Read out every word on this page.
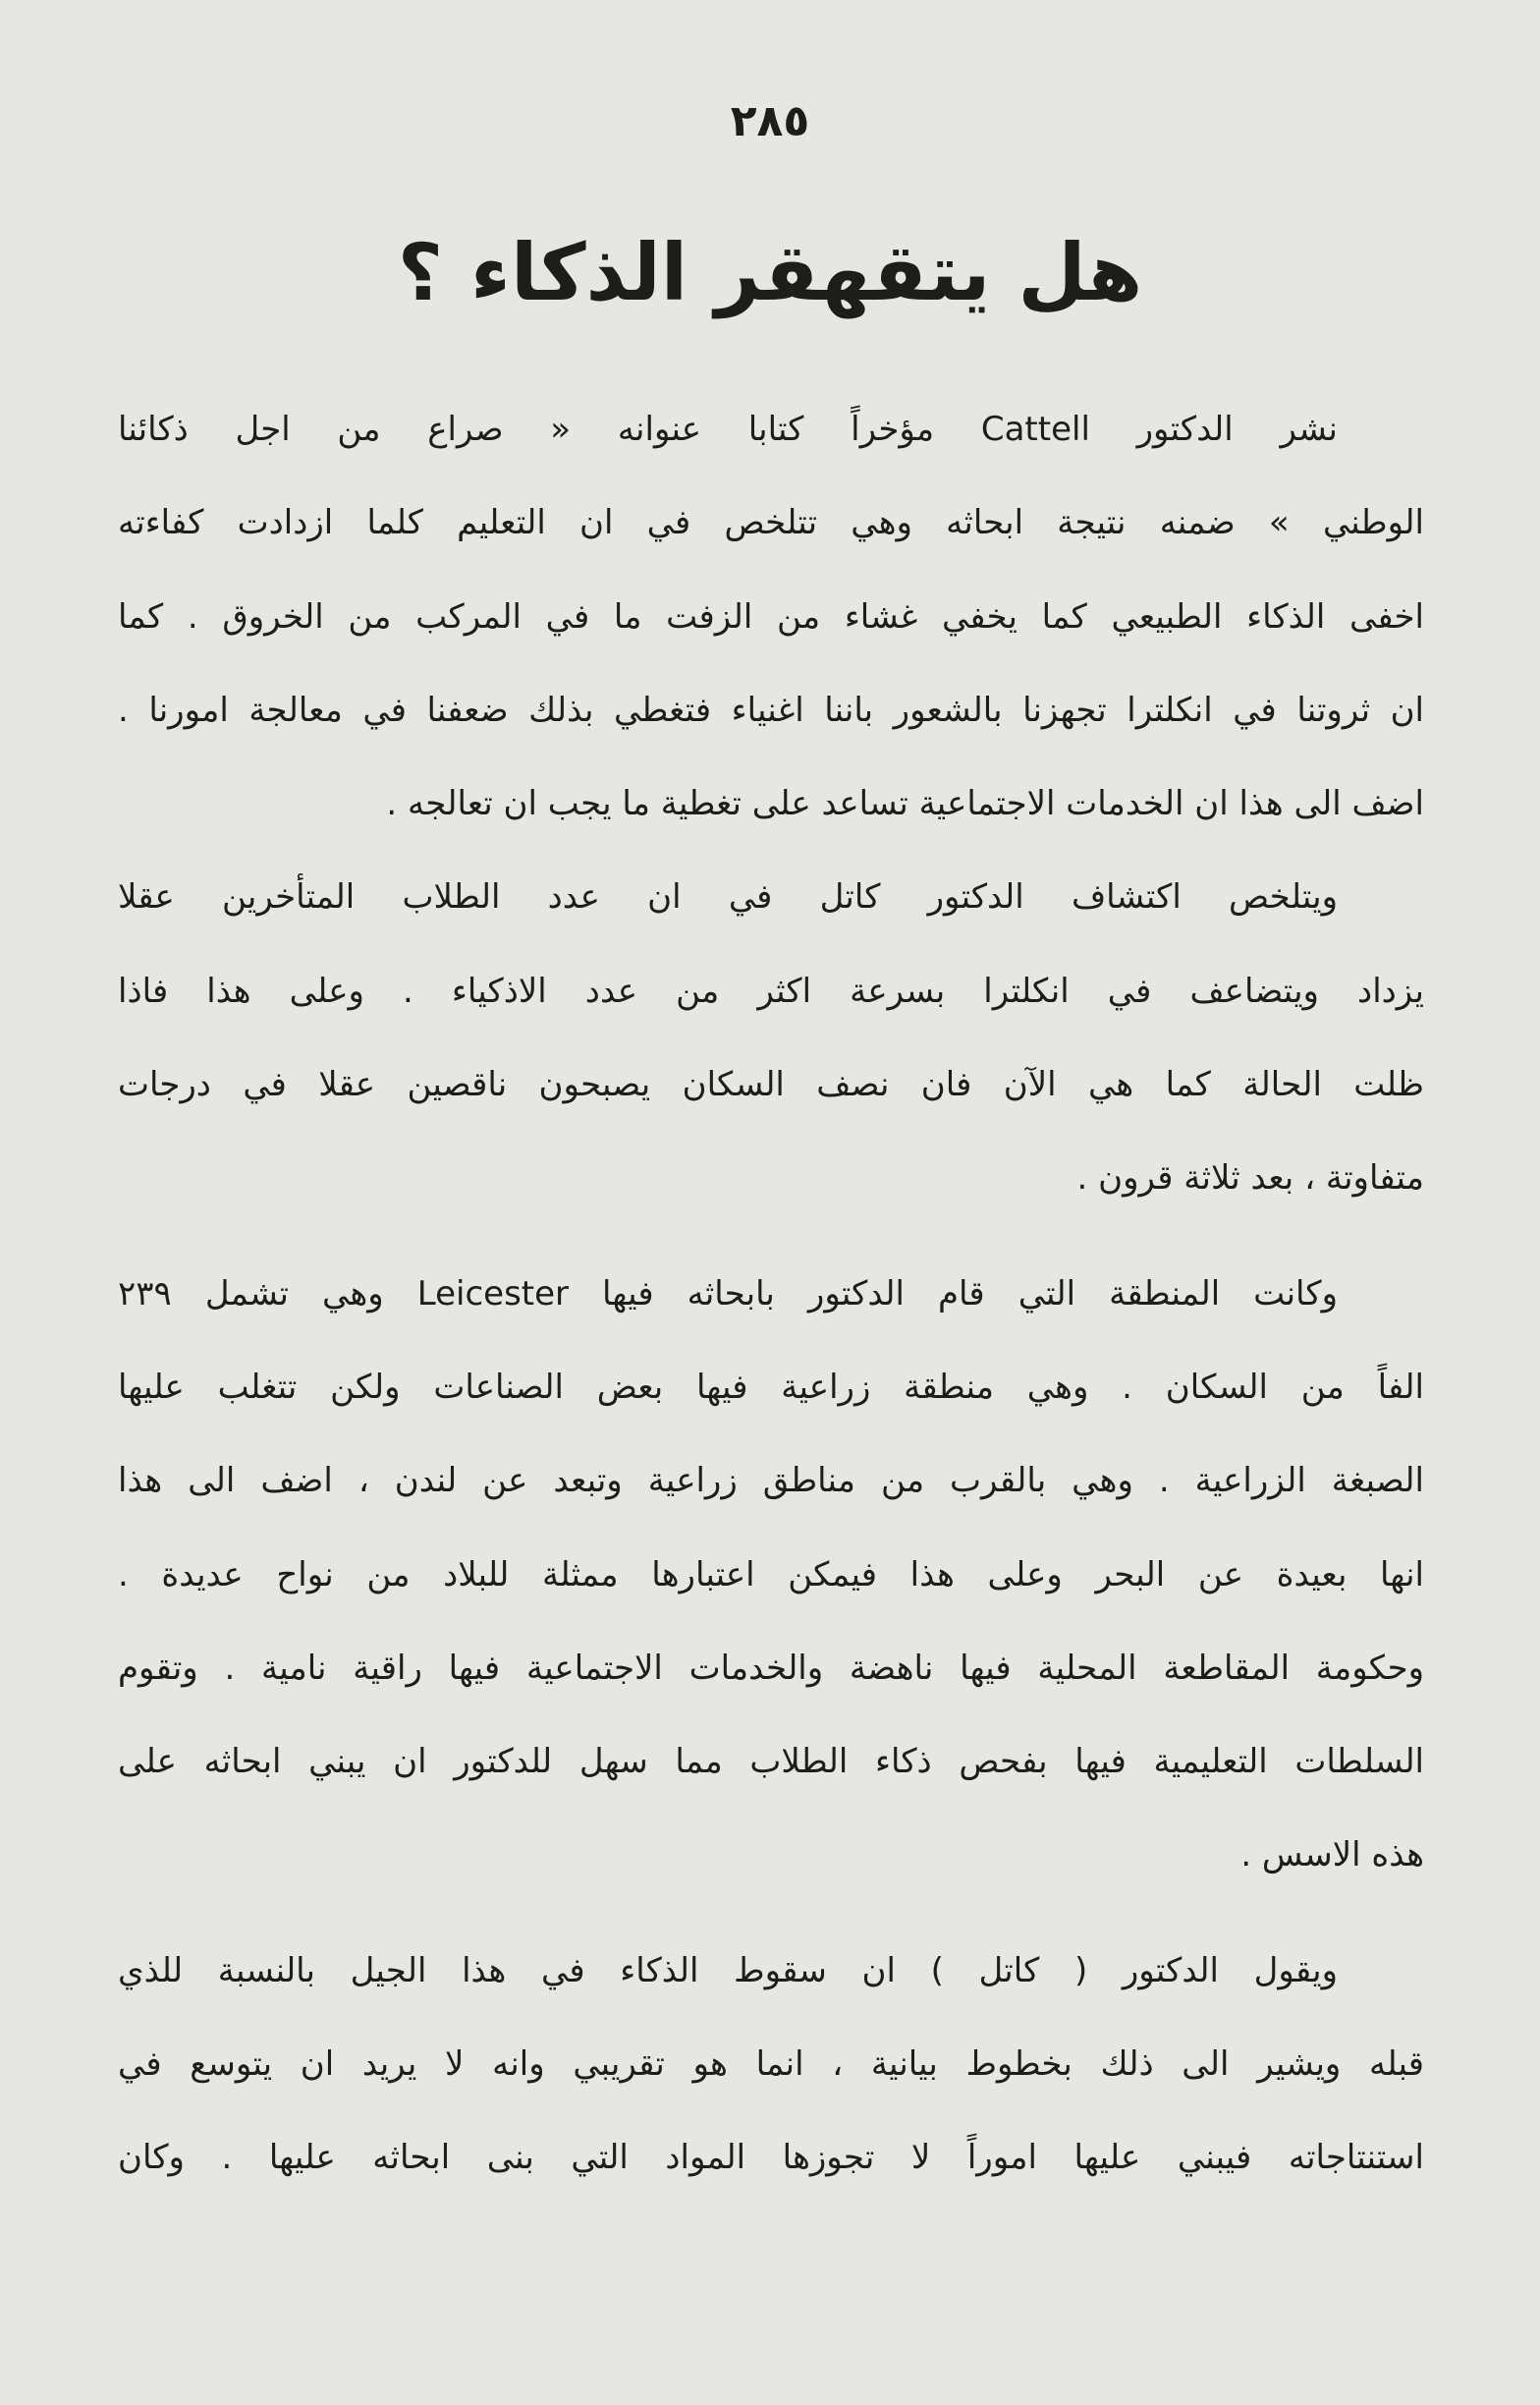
٢٨٥
هل يتقهقر الذكاء ؟
نشر الدكتور Cattell مؤخراً كتابا عنوانه « صراع من اجل ذكائنا
الوطني » ضمنه نتيجة ابحاثه وهي تتلخص في ان التعليم كلما ازدادت كفاءته
اخفى الذكاء الطبيعي كما يخفي غشاء من الزفت ما في المركب من الخروق . كما
ان ثروتنا في انكلترا تجهزنا بالشعور باننا اغنياء فتغطي بذلك ضعفنا في معالجة امورنا .
اضف الى هذا ان الخدمات الاجتماعية تساعد على تغطية ما يجب ان تعالجه .
ويتلخص اكتشاف الدكتور كاتل في ان عدد الطلاب المتأخرين عقلا
يزداد ويتضاعف في انكلترا بسرعة اكثر من عدد الاذكياء . وعلى هذا فاذا
ظلت الحالة كما هي الآن فان نصف السكان يصبحون ناقصين عقلا في درجات
متفاوتة ، بعد ثلاثة قرون .
وكانت المنطقة التي قام الدكتور بابحاثه فيها Leicester وهي تشمل ٢٣٩
الفاً من السكان . وهي منطقة زراعية فيها بعض الصناعات ولكن تتغلب عليها
الصبغة الزراعية . وهي بالقرب من مناطق زراعية وتبعد عن لندن ، اضف الى هذا
انها بعيدة عن البحر وعلى هذا فيمكن اعتبارها ممثلة للبلاد من نواح عديدة .
وحكومة المقاطعة المحلية فيها ناهضة والخدمات الاجتماعية فيها راقية نامية . وتقوم
السلطات التعليمية فيها بفحص ذكاء الطلاب مما سهل للدكتور ان يبني ابحاثه على
هذه الاسس .
ويقول الدكتور ( كاتل ) ان سقوط الذكاء في هذا الجيل بالنسبة للذي
قبله ويشير الى ذلك بخطوط بيانية ، انما هو تقريبي وانه لا يريد ان يتوسع في
استنتاجاته فيبني عليها اموراً لا تجوزها المواد التي بنى ابحاثه عليها . وكان
